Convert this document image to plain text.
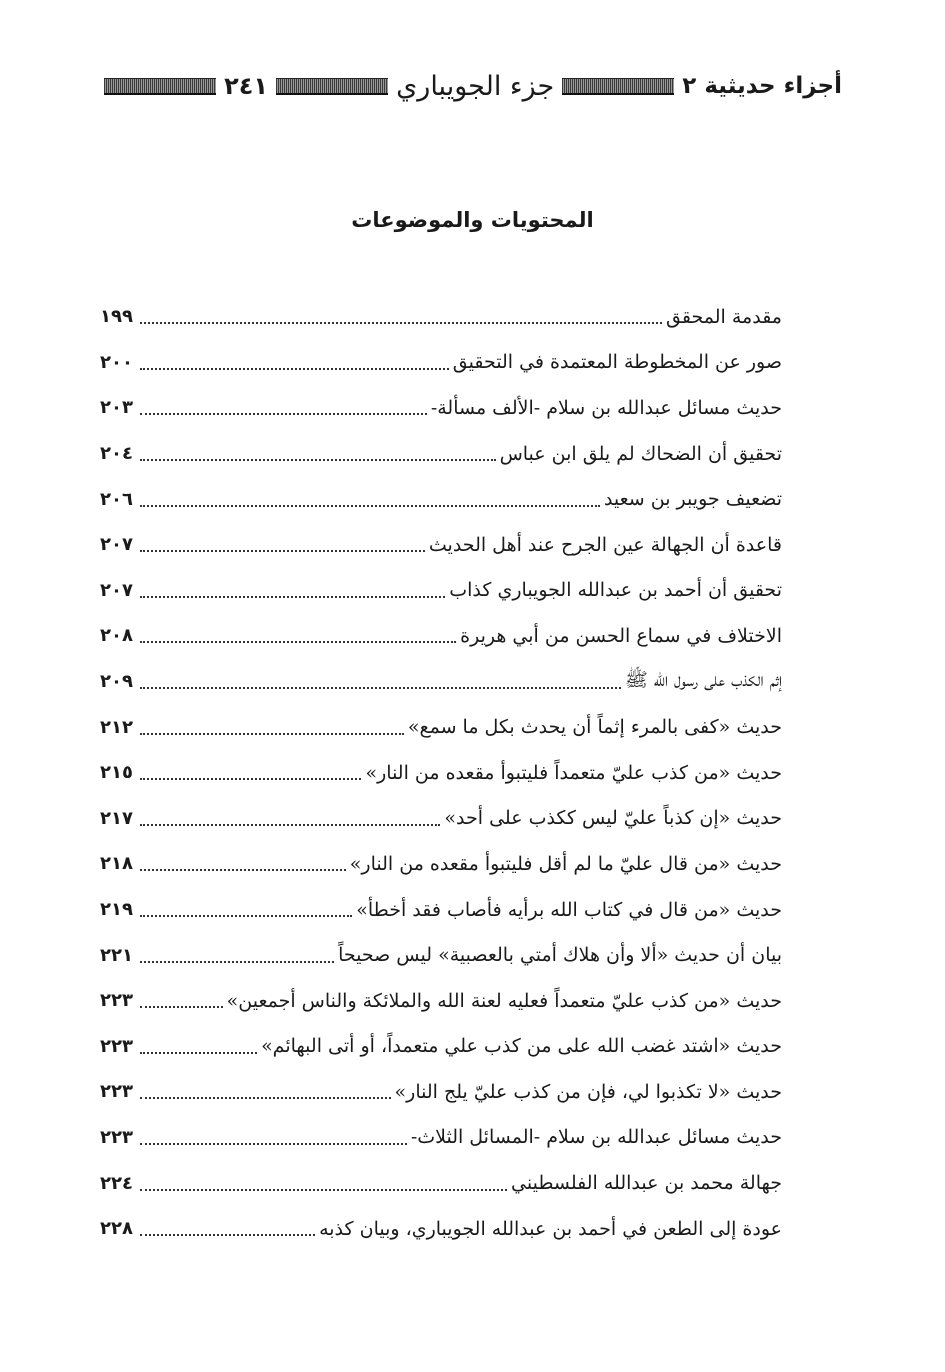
أجزاء حديثية ٢
جزء الجويباري
٢٤١
المحتويات والموضوعات
مقدمة المحقق
١٩٩
صور عن المخطوطة المعتمدة في التحقيق
٢٠٠
حديث مسائل عبدالله بن سلام -الألف مسألة-
٢٠٣
تحقيق أن الضحاك لم يلق ابن عباس
٢٠٤
تضعيف جويبر بن سعيد
٢٠٦
قاعدة أن الجهالة عين الجرح عند أهل الحديث
٢٠٧
تحقيق أن أحمد بن عبدالله الجويباري كذاب
٢٠٧
الاختلاف في سماع الحسن من أبي هريرة
٢٠٨
إثم الكذب على رسول الله ﷺ
٢٠٩
حديث «كفى بالمرء إثماً أن يحدث بكل ما سمع»
٢١٢
حديث «من كذب عليّ متعمداً فليتبوأ مقعده من النار»
٢١٥
حديث «إن كذباً عليّ ليس ككذب على أحد»
٢١٧
حديث «من قال عليّ ما لم أقل فليتبوأ مقعده من النار»
٢١٨
حديث «من قال في كتاب الله برأيه فأصاب فقد أخطأ»
٢١٩
بيان أن حديث «ألا وأن هلاك أمتي بالعصبية» ليس صحيحاً
٢٢١
حديث «من كذب عليّ متعمداً فعليه لعنة الله والملائكة والناس أجمعين»
٢٢٣
حديث «اشتد غضب الله على من كذب علي متعمداً، أو أتى البهائم»
٢٢٣
حديث «لا تكذبوا لي، فإن من كذب عليّ يلج النار»
٢٢٣
حديث مسائل عبدالله بن سلام -المسائل الثلاث-
٢٢٣
جهالة محمد بن عبدالله الفلسطيني
٢٢٤
عودة إلى الطعن في أحمد بن عبدالله الجويباري، وبيان كذبه
٢٢٨
